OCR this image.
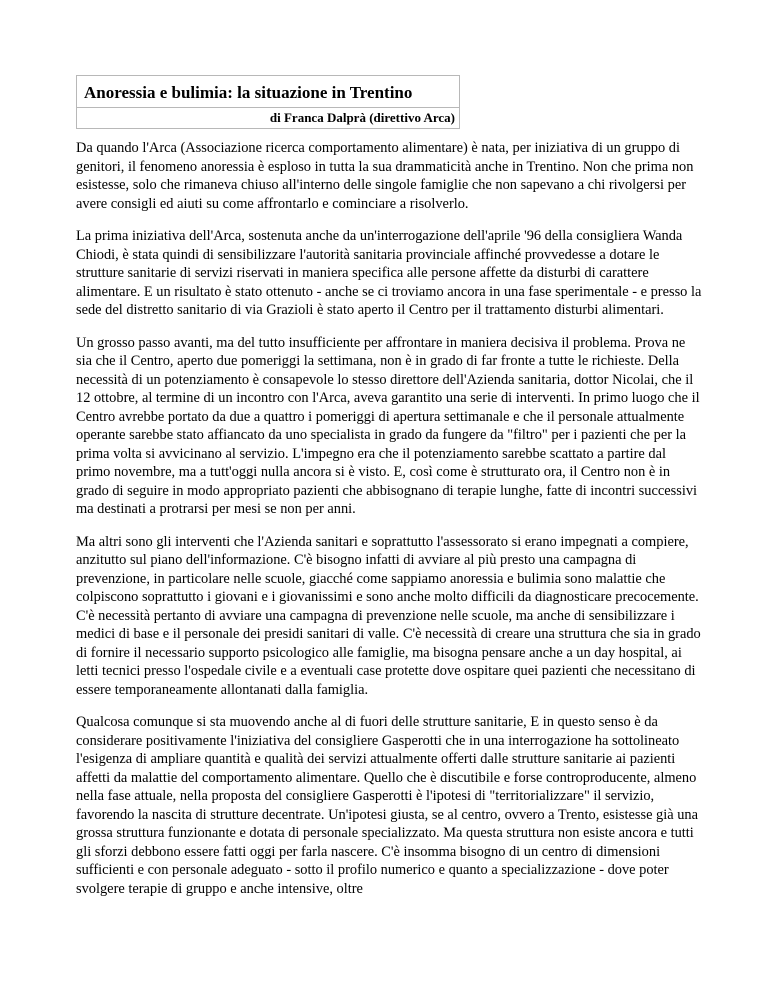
Anoressia e bulimia: la situazione in Trentino
di Franca Dalprà (direttivo Arca)

Da quando l'Arca (Associazione ricerca comportamento alimentare) è nata, per iniziativa di un gruppo di genitori, il fenomeno anoressia è esploso in tutta la sua drammaticità anche in Trentino. Non che prima non esistesse, solo che rimaneva chiuso all'interno delle singole famiglie che non sapevano a chi rivolgersi per avere consigli ed aiuti su come affrontarlo e cominciare a risolverlo.

La prima iniziativa dell'Arca, sostenuta anche da un'interrogazione dell'aprile '96 della consigliera Wanda Chiodi, è stata quindi di sensibilizzare l'autorità sanitaria provinciale affinché provvedesse a dotare le strutture sanitarie di servizi riservati in maniera specifica alle persone affette da disturbi di carattere alimentare. E un risultato è stato ottenuto - anche se ci troviamo ancora in una fase sperimentale - e presso la sede del distretto sanitario di via Grazioli è stato aperto il Centro per il trattamento disturbi alimentari.

Un grosso passo avanti, ma del tutto insufficiente per affrontare in maniera decisiva il problema. Prova ne sia che il Centro, aperto due pomeriggi la settimana, non è in grado di far fronte a tutte le richieste. Della necessità di un potenziamento è consapevole lo stesso direttore dell'Azienda sanitaria, dottor Nicolai, che il 12 ottobre, al termine di un incontro con l'Arca, aveva garantito una serie di interventi. In primo luogo che il Centro avrebbe portato da due a quattro i pomeriggi di apertura settimanale e che il personale attualmente operante sarebbe stato affiancato da uno specialista in grado da fungere da "filtro" per i pazienti che per la prima volta si avvicinano al servizio. L'impegno era che il potenziamento sarebbe scattato a partire dal primo novembre, ma a tutt'oggi nulla ancora si è visto. E, così come è strutturato ora, il Centro non è in grado di seguire in modo appropriato pazienti che abbisognano di terapie lunghe, fatte di incontri successivi ma destinati a protrarsi per mesi se non per anni.

Ma altri sono gli interventi che l'Azienda sanitari e soprattutto l'assessorato si erano impegnati a compiere, anzitutto sul piano dell'informazione. C'è bisogno infatti di avviare al più presto una campagna di prevenzione, in particolare nelle scuole, giacché come sappiamo anoressia e bulimia sono malattie che colpiscono soprattutto i giovani e i giovanissimi e sono anche molto difficili da diagnosticare precocemente. C'è necessità pertanto di avviare una campagna di prevenzione nelle scuole, ma anche di sensibilizzare i medici di base e il personale dei presidi sanitari di valle. C'è necessità di creare una struttura che sia in grado di fornire il necessario supporto psicologico alle famiglie, ma bisogna pensare anche a un day hospital, ai letti tecnici presso l'ospedale civile e a eventuali case protette dove ospitare quei pazienti che necessitano di essere temporaneamente allontanati dalla famiglia.

Qualcosa comunque si sta muovendo anche al di fuori delle strutture sanitarie, E in questo senso è da considerare positivamente l'iniziativa del consigliere Gasperotti che in una interrogazione ha sottolineato l'esigenza di ampliare quantità e qualità dei servizi attualmente offerti dalle strutture sanitarie ai pazienti affetti da malattie del comportamento alimentare. Quello che è discutibile e forse controproducente, almeno nella fase attuale, nella proposta del consigliere Gasperotti è l'ipotesi di "territorializzare" il servizio, favorendo la nascita di strutture decentrate. Un'ipotesi giusta, se al centro, ovvero a Trento, esistesse già una grossa struttura funzionante e dotata di personale specializzato. Ma questa struttura non esiste ancora e tutti gli sforzi debbono essere fatti oggi per farla nascere. C'è insomma bisogno di un centro di dimensioni sufficienti e con personale adeguato - sotto il profilo numerico e quanto a specializzazione - dove poter svolgere terapie di gruppo e anche intensive, oltre
